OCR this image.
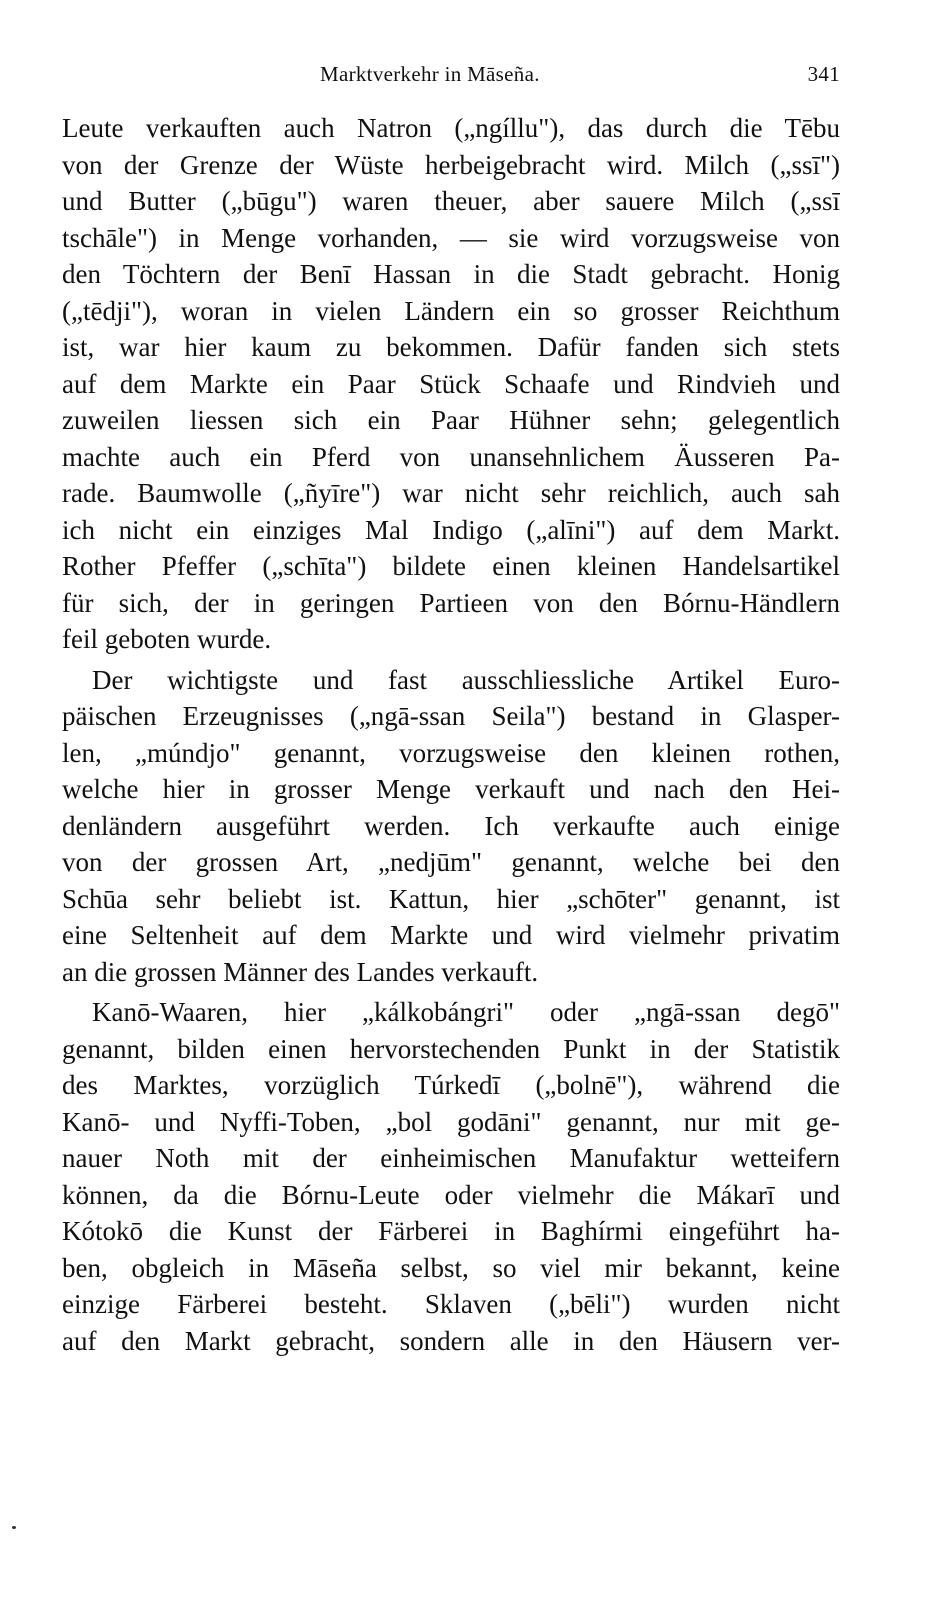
Marktverkehr in Māseña.	341
Leute verkauften auch Natron („ngíllu"), das durch die Tēbu
von der Grenze der Wüste herbeigebracht wird. Milch („ssī")
und Butter („būgu") waren theuer, aber sauere Milch („ssī
tschāle") in Menge vorhanden, — sie wird vorzugsweise von
den Töchtern der Benī Hassan in die Stadt gebracht. Honig
(„tēdji"), woran in vielen Ländern ein so grosser Reichthum
ist, war hier kaum zu bekommen. Dafür fanden sich stets
auf dem Markte ein Paar Stück Schaafe und Rindvieh und
zuweilen liessen sich ein Paar Hühner sehn; gelegentlich
machte auch ein Pferd von unansehnlichem Äusseren Pa-
rade. Baumwolle („ñyīre") war nicht sehr reichlich, auch sah
ich nicht ein einziges Mal Indigo („alīni") auf dem Markt.
Rother Pfeffer („schīta") bildete einen kleinen Handelsartikel
für sich, der in geringen Partieen von den Bórnu-Händlern
feil geboten wurde.
Der wichtigste und fast ausschliessliche Artikel Euro-
päischen Erzeugnisses („ngā-ssan Seila") bestand in Glasper-
len, „múndjo" genannt, vorzugsweise den kleinen rothen,
welche hier in grosser Menge verkauft und nach den Hei-
denländern ausgeführt werden. Ich verkaufte auch einige
von der grossen Art, „nedjūm" genannt, welche bei den
Schūa sehr beliebt ist. Kattun, hier „schōter" genannt, ist
eine Seltenheit auf dem Markte und wird vielmehr privatim
an die grossen Männer des Landes verkauft.
Kanō-Waaren, hier „kálkobángri" oder „ngā-ssan degō"
genannt, bilden einen hervorstechenden Punkt in der Statistik
des Marktes, vorzüglich Túrkedī („bolnē"), während die
Kanō- und Nyffi-Toben, „bol godāni" genannt, nur mit ge-
nauer Noth mit der einheimischen Manufaktur wetteifern
können, da die Bórnu-Leute oder vielmehr die Mákarī und
Kótokō die Kunst der Färberei in Baghírmi eingeführt ha-
ben, obgleich in Māseña selbst, so viel mir bekannt, keine
einzige Färberei besteht. Sklaven („bēli") wurden nicht
auf den Markt gebracht, sondern alle in den Häusern ver-
